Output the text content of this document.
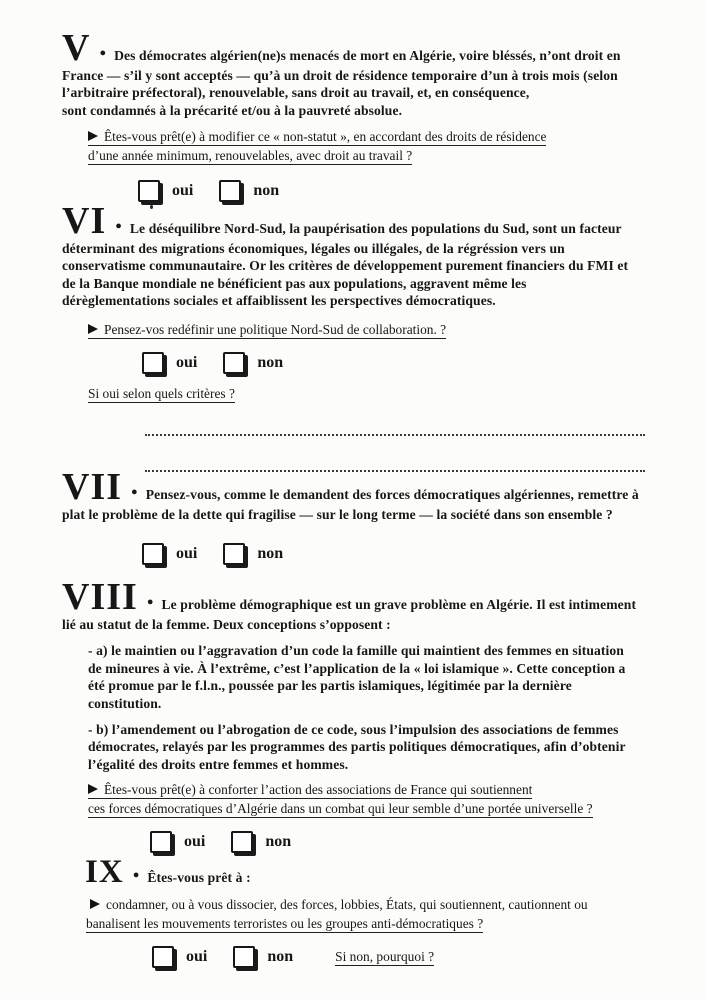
V ● Des démocrates algérien(ne)s menacés de mort en Algérie, voire bléssés, n’ont droit en
France — s’il y sont acceptés — qu’à un droit de résidence temporaire d’un à trois mois (selon
l’arbitraire préfectoral), renouvelable, sans droit au travail, et, en conséquence,
sont condamnés à la précarité et/ou à la pauvreté absolue.
Êtes-vous prêt(e) à modifier ce « non-statut », en accordant des droits de résidence
d’une année minimum, renouvelables, avec droit au travail ?
oui	non
VI ● Le déséquilibre Nord-Sud, la paupérisation des populations du Sud, sont un facteur
déterminant des migrations économiques, légales ou illégales, de la régréssion vers un
conservatisme communautaire. Or les critères de développement purement financiers du FMI et
de la Banque mondiale ne bénéficient pas aux populations, aggravent même les
dérèglementations sociales et affaiblissent les perspectives démocratiques.
Pensez-vos redéfinir une politique Nord-Sud de collaboration. ?
oui	non
Si oui selon quels critères ?
VII ● Pensez-vous, comme le demandent des forces démocratiques algériennes, remettre à
plat le problème de la dette qui fragilise — sur le long terme — la société dans son ensemble ?
oui	non
VIII ● Le problème démographique est un grave problème en Algérie. Il est intimement
lié au statut de la femme. Deux conceptions s’opposent :
- a) le maintien ou l’aggravation d’un code la famille qui maintient des femmes en situation
de mineures à vie. À l’extrême, c’est l’application de la « loi islamique ». Cette conception a
été promue par le f.l.n., poussée par les partis islamiques, légitimée par la dernière
constitution.
- b) l’amendement ou l’abrogation de ce code, sous l’impulsion des associations de femmes
démocrates, relayés par les programmes des partis politiques démocratiques, afin d’obtenir
l’égalité des droits entre femmes et hommes.
Êtes-vous prêt(e) à conforter l’action des associations de France qui soutiennent
ces forces démocratiques d’Algérie dans un combat qui leur semble d’une portée universelle ?
oui	non
IX ● Êtes-vous prêt à :
condamner, ou à vous dissocier, des forces, lobbies, États, qui soutiennent, cautionnent ou
banalisent les mouvements terroristes ou les groupes anti-démocratiques ?
oui	non	Si non, pourquoi ?
